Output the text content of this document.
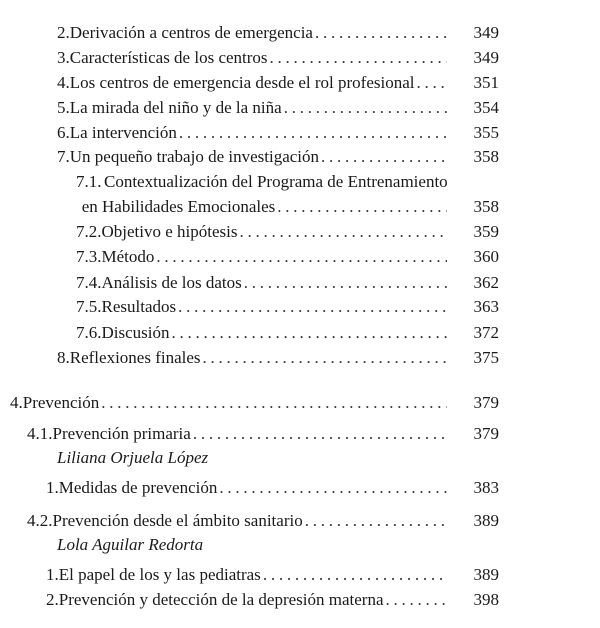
2. Derivación a centros de emergencia . . .	349
3. Características de los centros . . .	349
4. Los centros de emergencia desde el rol profesional . . .	351
5. La mirada del niño y de la niña . . .	354
6. La intervención . . .	355
7. Un pequeño trabajo de investigación . . .	358
7.1. Contextualización del Programa de Entrenamiento
en Habilidades Emocionales . . .	358
7.2. Objetivo e hipótesis . . .	359
7.3. Método . . .	360
7.4. Análisis de los datos . . .	362
7.5. Resultados . . .	363
7.6. Discusión . . .	372
8. Reflexiones finales . . .	375
4. Prevención . . .	379
4.1. Prevención primaria . . .	379
Liliana Orjuela López
1. Medidas de prevención . . .	383
4.2. Prevención desde el ámbito sanitario . . .	389
Lola Aguilar Redorta
1. El papel de los y las pediatras . . .	389
2. Prevención y detección de la depresión materna . . .	398
